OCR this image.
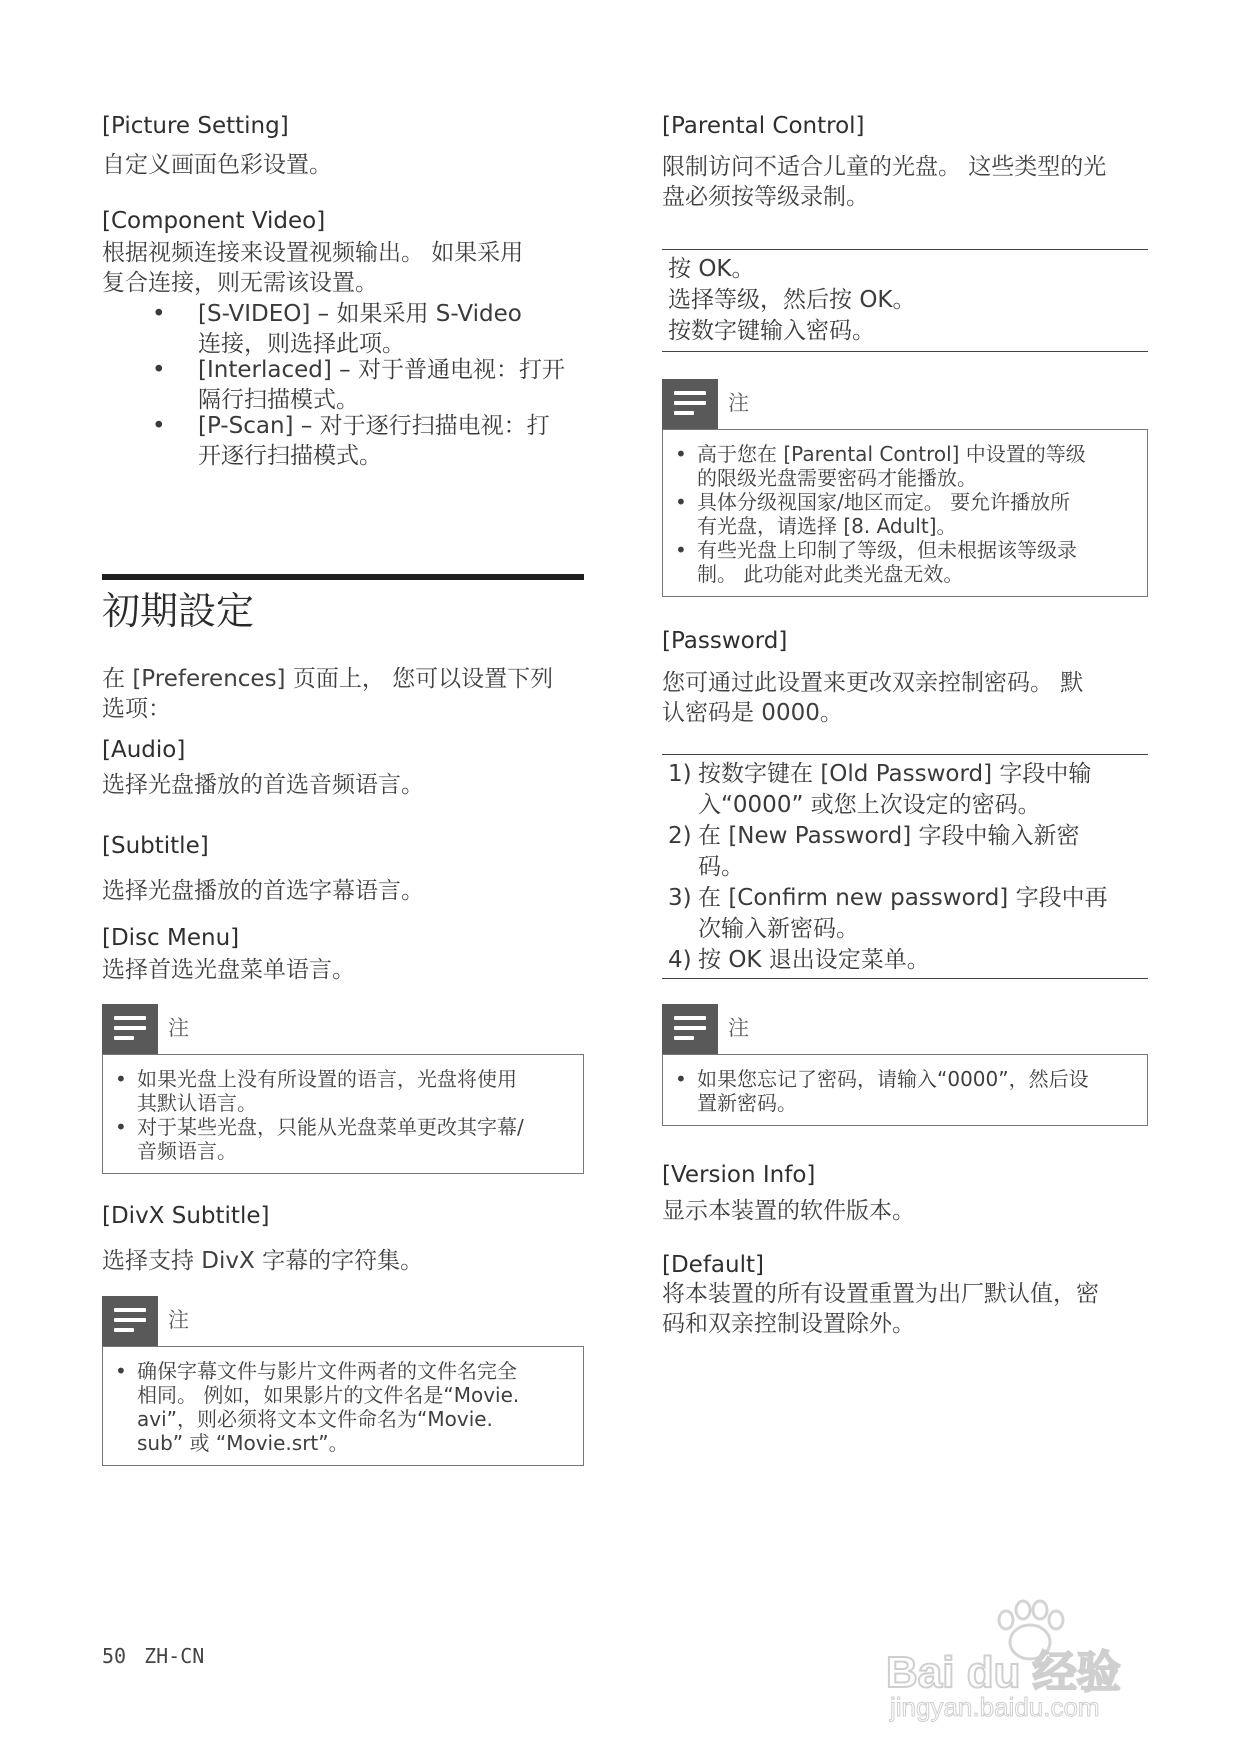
[Picture Setting]
自定义画面色彩设置。
[Component Video]
根据视频连接来设置视频输出。 如果采用
复合连接，则无需该设置。
• [S-VIDEO] – 如果采用 S-Video
连接，则选择此项。
• [Interlaced] – 对于普通电视：打开
隔行扫描模式。
• [P-Scan] – 对于逐行扫描电视：打
开逐行扫描模式。
初期設定
在 [Preferences] 页面上， 您可以设置下列
选项：
[Audio]
选择光盘播放的首选音频语言。
[Subtitle]
选择光盘播放的首选字幕语言。
[Disc Menu]
选择首选光盘菜单语言。
注
• 如果光盘上没有所设置的语言，光盘将使用
其默认语言。
• 对于某些光盘，只能从光盘菜单更改其字幕/
音频语言。
[DivX Subtitle]
选择支持 DivX 字幕的字符集。
注
• 确保字幕文件与影片文件两者的文件名完全
相同。 例如，如果影片的文件名是“Movie.
avi”，则必须将文本文件命名为“Movie.
sub” 或 “Movie.srt”。
[Parental Control]
限制访问不适合儿童的光盘。 这些类型的光
盘必须按等级录制。
按 OK。
选择等级，然后按 OK。
按数字键输入密码。
注
• 高于您在 [Parental Control] 中设置的等级
的限级光盘需要密码才能播放。
• 具体分级视国家/地区而定。 要允许播放所
有光盘，请选择 [8. Adult]。
• 有些光盘上印制了等级，但未根据该等级录
制。 此功能对此类光盘无效。
[Password]
您可通过此设置来更改双亲控制密码。 默
认密码是 0000。
1) 按数字键在 [Old Password] 字段中输
入“0000” 或您上次设定的密码。
2) 在 [New Password] 字段中输入新密
码。
3) 在 [Confirm new password] 字段中再
次输入新密码。
4) 按 OK 退出设定菜单。
注
• 如果您忘记了密码，请输入“0000”，然后设
置新密码。
[Version Info]
显示本装置的软件版本。
[Default]
将本装置的所有设置重置为出厂默认值，密
码和双亲控制设置除外。
50 ZH-CN	Bai du 经验
jingyan.baidu.com
